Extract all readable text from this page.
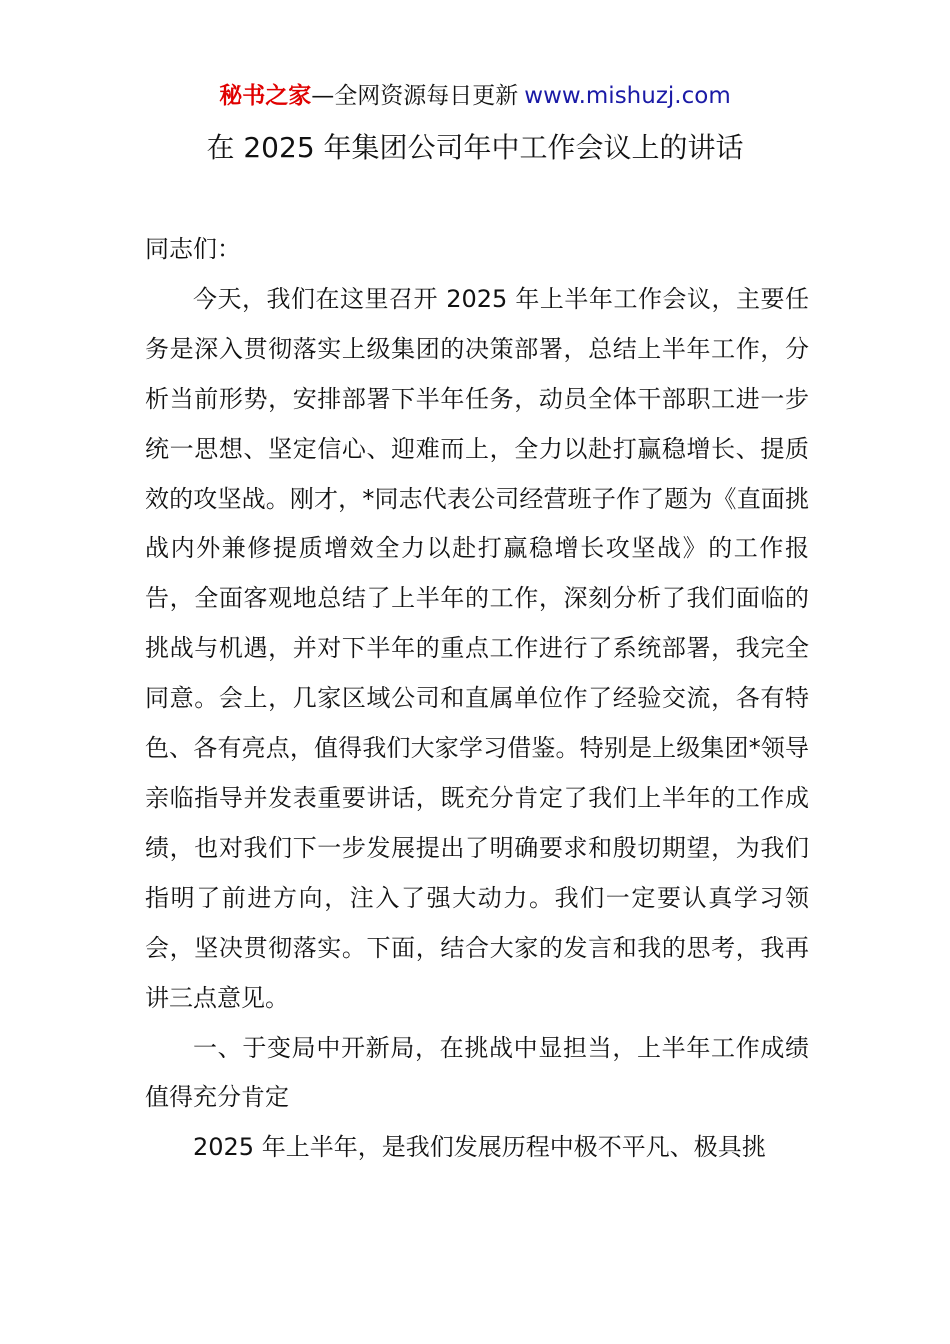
秘书之家—全网资源每日更新 www.mishuzj.com
在 2025 年集团公司年中工作会议上的讲话

同志们：

今天，我们在这里召开 2025 年上半年工作会议，主要任务是深入贯彻落实上级集团的决策部署，总结上半年工作，分析当前形势，安排部署下半年任务，动员全体干部职工进一步统一思想、坚定信心、迎难而上，全力以赴打赢稳增长、提质效的攻坚战。刚才，*同志代表公司经营班子作了题为《直面挑战内外兼修提质增效全力以赴打赢稳增长攻坚战》的工作报告，全面客观地总结了上半年的工作，深刻分析了我们面临的挑战与机遇，并对下半年的重点工作进行了系统部署，我完全同意。会上，几家区域公司和直属单位作了经验交流，各有特色、各有亮点，值得我们大家学习借鉴。特别是上级集团*领导亲临指导并发表重要讲话，既充分肯定了我们上半年的工作成绩，也对我们下一步发展提出了明确要求和殷切期望，为我们指明了前进方向，注入了强大动力。我们一定要认真学习领会，坚决贯彻落实。下面，结合大家的发言和我的思考，我再讲三点意见。

一、于变局中开新局，在挑战中显担当，上半年工作成绩值得充分肯定

2025 年上半年，是我们发展历程中极不平凡、极具挑
